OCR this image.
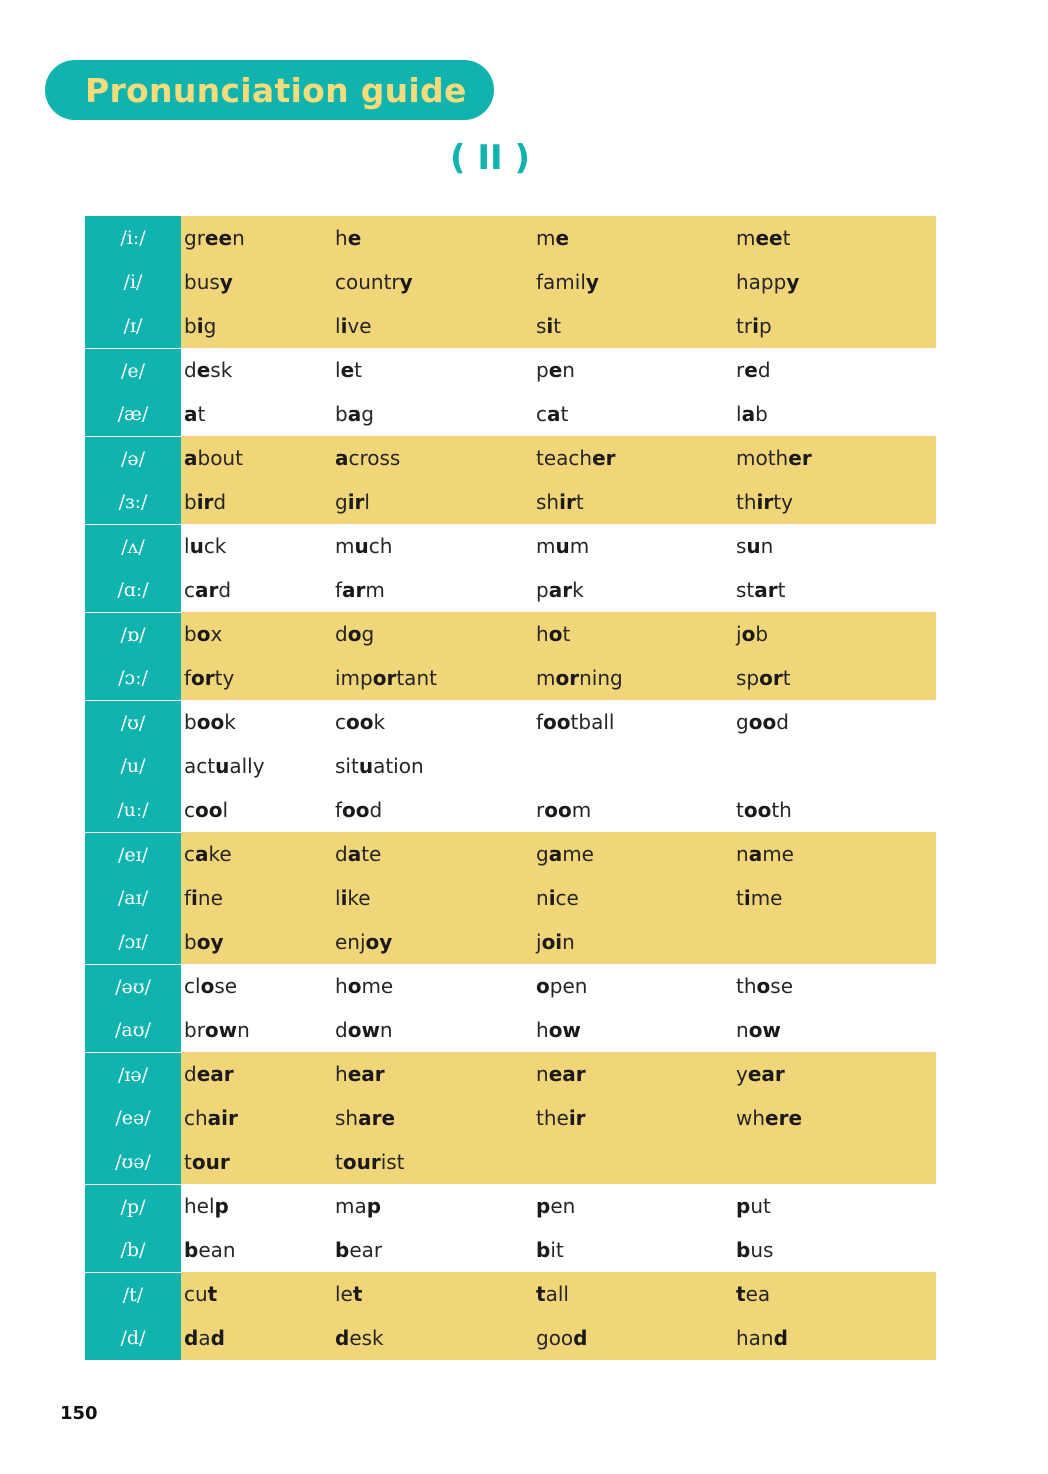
Pronunciation guide
( II )
/iː/	green	he	me	meet
/i/	busy	country	family	happy
/ɪ/	big	live	sit	trip
/e/	desk	let	pen	red
/æ/	at	bag	cat	lab
/ə/	about	across	teacher	mother
/ɜː/	bird	girl	shirt	thirty
/ʌ/	luck	much	mum	sun
/ɑː/	card	farm	park	start
/ɒ/	box	dog	hot	job
/ɔː/	forty	important	morning	sport
/ʊ/	book	cook	football	good
/u/	actually	situation
/uː/	cool	food	room	tooth
/eɪ/	cake	date	game	name
/aɪ/	fine	like	nice	time
/ɔɪ/	boy	enjoy	join
/əʊ/	close	home	open	those
/aʊ/	brown	down	how	now
/ɪə/	dear	hear	near	year
/eə/	chair	share	their	where
/ʊə/	tour	tourist
/p/	help	map	pen	put
/b/	bean	bear	bit	bus
/t/	cut	let	tall	tea
/d/	dad	desk	good	hand
150
